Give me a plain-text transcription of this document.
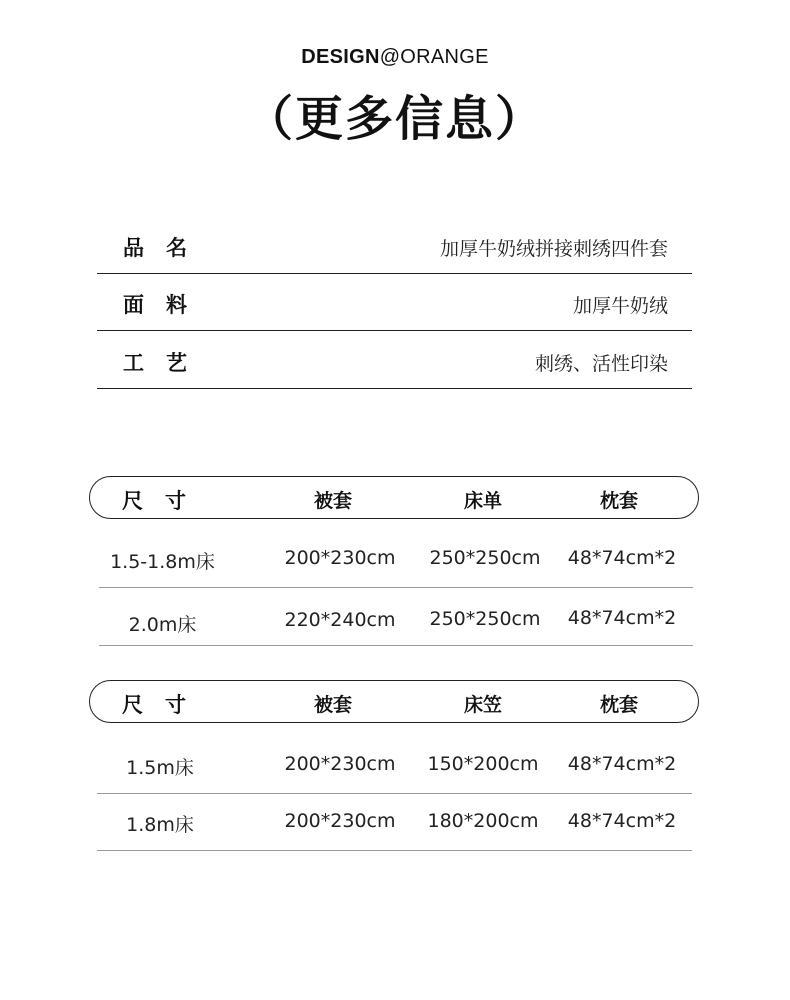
DESIGN@ORANGE
（更多信息）
品名	加厚牛奶绒拼接刺绣四件套
面料	加厚牛奶绒
工艺	刺绣、活性印染
尺寸	被套	床单	枕套
1.5-1.8m床	200*230cm	250*250cm	48*74cm*2
2.0m床	220*240cm	250*250cm	48*74cm*2
尺寸	被套	床笠	枕套
1.5m床	200*230cm	150*200cm	48*74cm*2
1.8m床	200*230cm	180*200cm	48*74cm*2
